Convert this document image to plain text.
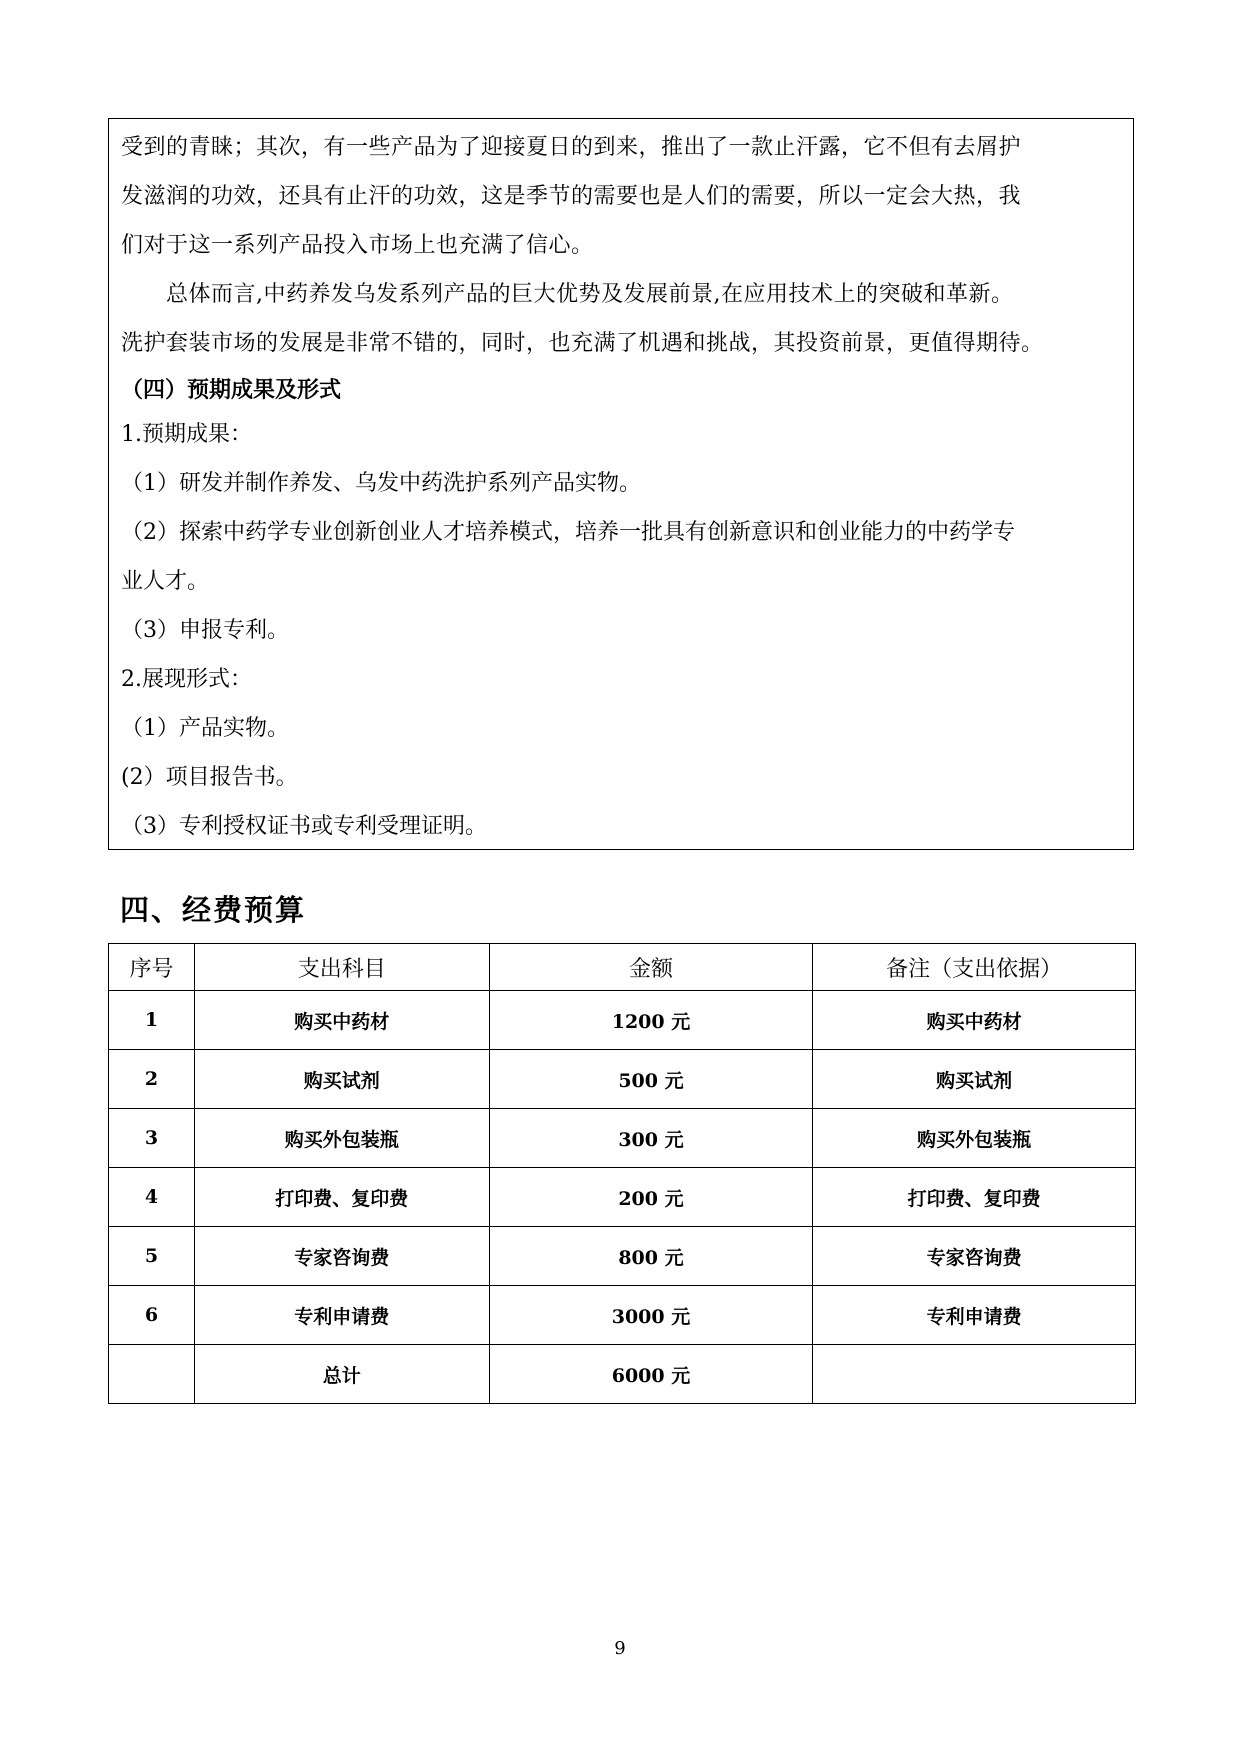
受到的青睐；其次，有一些产品为了迎接夏日的到来，推出了一款止汗露，它不但有去屑护
发滋润的功效，还具有止汗的功效，这是季节的需要也是人们的需要，所以一定会大热，我
们对于这一系列产品投入市场上也充满了信心。
　　总体而言,中药养发乌发系列产品的巨大优势及发展前景,在应用技术上的突破和革新。
洗护套装市场的发展是非常不错的，同时，也充满了机遇和挑战，其投资前景，更值得期待。
（四）预期成果及形式
1.预期成果：
（1）研发并制作养发、乌发中药洗护系列产品实物。
（2）探索中药学专业创新创业人才培养模式，培养一批具有创新意识和创业能力的中药学专
业人才。
（3）申报专利。
2.展现形式：
（1）产品实物。
(2）项目报告书。
（3）专利授权证书或专利受理证明。
四、经费预算
序号	支出科目	金额	备注（支出依据）
1	购买中药材	1200 元	购买中药材
2	购买试剂	500 元	购买试剂
3	购买外包装瓶	300 元	购买外包装瓶
4	打印费、复印费	200 元	打印费、复印费
5	专家咨询费	800 元	专家咨询费
6	专利申请费	3000 元	专利申请费
	总计	6000 元	
9
